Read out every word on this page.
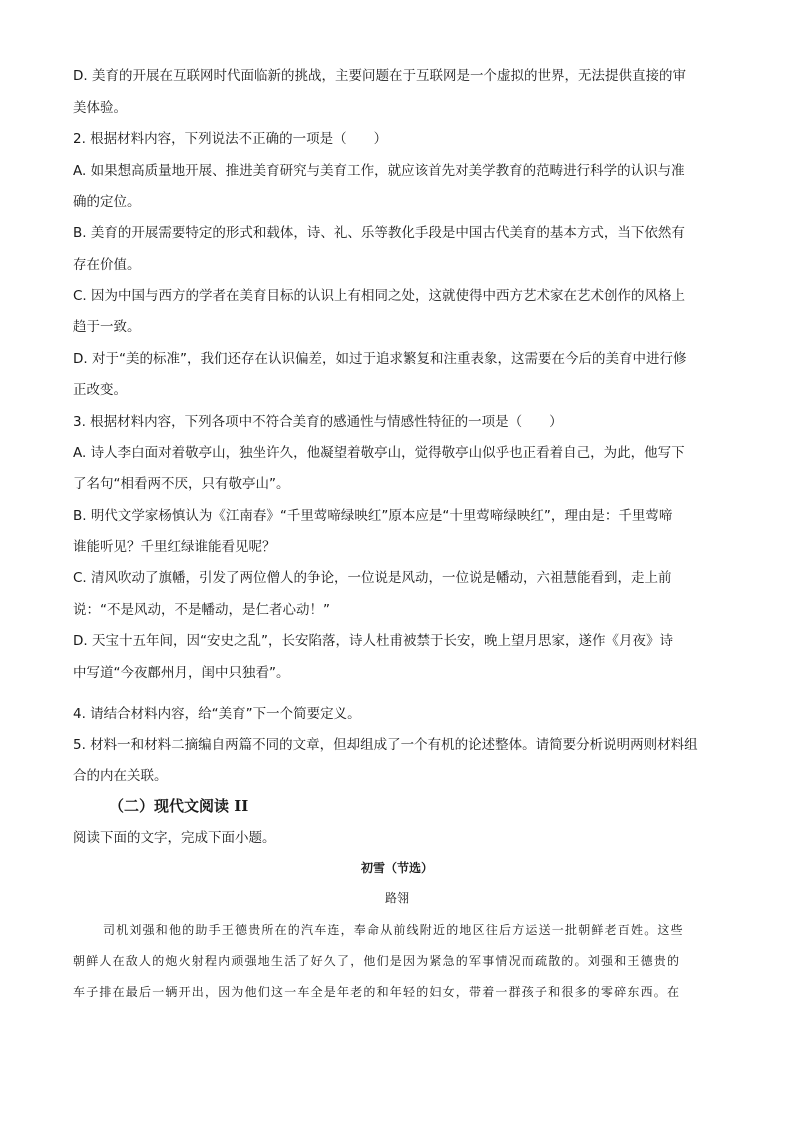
D. 美育的开展在互联网时代面临新的挑战，主要问题在于互联网是一个虚拟的世界，无法提供直接的审
美体验。
2. 根据材料内容，下列说法不正确的一项是（　　）
A. 如果想高质量地开展、推进美育研究与美育工作，就应该首先对美学教育的范畴进行科学的认识与准
确的定位。
B. 美育的开展需要特定的形式和载体，诗、礼、乐等教化手段是中国古代美育的基本方式，当下依然有
存在价值。
C. 因为中国与西方的学者在美育目标的认识上有相同之处，这就使得中西方艺术家在艺术创作的风格上
趋于一致。
D. 对于“美的标准”，我们还存在认识偏差，如过于追求繁复和注重表象，这需要在今后的美育中进行修
正改变。
3. 根据材料内容，下列各项中不符合美育的感通性与情感性特征的一项是（　　）
A. 诗人李白面对着敬亭山，独坐许久，他凝望着敬亭山，觉得敬亭山似乎也正看着自己，为此，他写下
了名句“相看两不厌，只有敬亭山”。
B. 明代文学家杨慎认为《江南春》“千里莺啼绿映红”原本应是“十里莺啼绿映红”，理由是：千里莺啼
谁能听见？千里红绿谁能看见呢？
C. 清风吹动了旗幡，引发了两位僧人的争论，一位说是风动，一位说是幡动，六祖慧能看到，走上前
说：“不是风动，不是幡动，是仁者心动！”
D. 天宝十五年间，因“安史之乱”，长安陷落，诗人杜甫被禁于长安，晚上望月思家，遂作《月夜》诗
中写道“今夜鄜州月，闺中只独看”。
4. 请结合材料内容，给“美育”下一个简要定义。
5. 材料一和材料二摘编自两篇不同的文章，但却组成了一个有机的论述整体。请简要分析说明两则材料组
合的内在关联。
（二）现代文阅读 II
阅读下面的文字，完成下面小题。
初雪（节选）
路翎
司机刘强和他的助手王德贵所在的汽车连，奉命从前线附近的地区往后方运送一批朝鲜老百姓。这些
朝鲜人在敌人的炮火射程内顽强地生活了好久了，他们是因为紧急的军事情况而疏散的。刘强和王德贵的
车子排在最后一辆开出，因为他们这一车全是年老的和年轻的妇女，带着一群孩子和很多的零碎东西。在
